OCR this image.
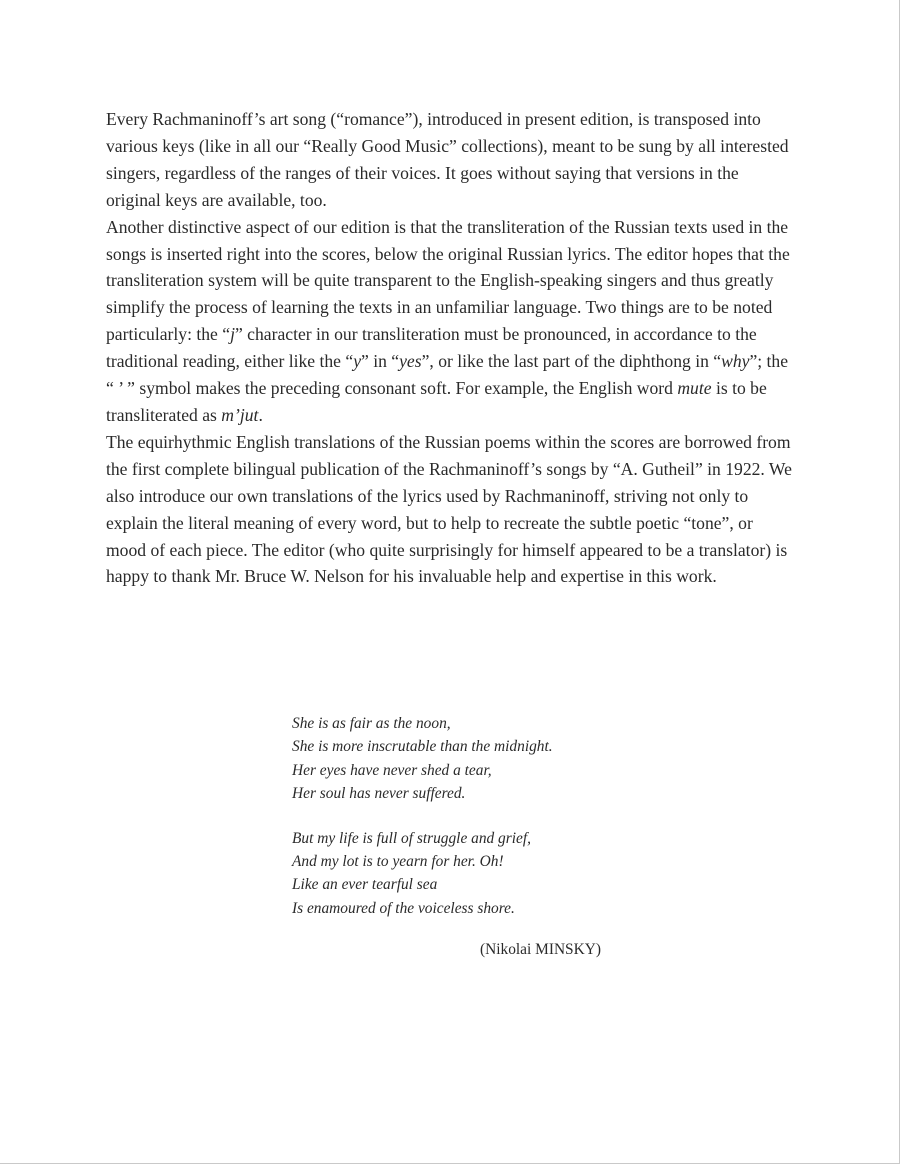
Every Rachmaninoff’s art song (“romance”), introduced in present edition, is transposed into various keys (like in all our “Really Good Music” collections), meant to be sung by all interested singers, regardless of the ranges of their voices. It goes without saying that versions in the original keys are available, too.

Another distinctive aspect of our edition is that the transliteration of the Russian texts used in the songs is inserted right into the scores, below the original Russian lyrics. The editor hopes that the transliteration system will be quite transparent to the English-speaking singers and thus greatly simplify the process of learning the texts in an unfamiliar language. Two things are to be noted particularly: the “j” character in our transliteration must be pronounced, in accordance to the traditional reading, either like the “y” in “yes”, or like the last part of the diphthong in “why”; the “ ’ ” symbol makes the preceding consonant soft. For example, the English word mute is to be transliterated as m’jut.

The equirhythmic English translations of the Russian poems within the scores are borrowed from the first complete bilingual publication of the Rachmaninoff’s songs by “A. Gutheil” in 1922. We also introduce our own translations of the lyrics used by Rachmaninoff, striving not only to explain the literal meaning of every word, but to help to recreate the subtle poetic “tone”, or mood of each piece. The editor (who quite surprisingly for himself appeared to be a translator) is happy to thank Mr. Bruce W. Nelson for his invaluable help and expertise in this work.

She is as fair as the noon,
She is more inscrutable than the midnight.
Her eyes have never shed a tear,
Her soul has never suffered.
But my life is full of struggle and grief,
And my lot is to yearn for her. Oh!
Like an ever tearful sea
Is enamoured of the voiceless shore.
(Nikolai MINSKY)
